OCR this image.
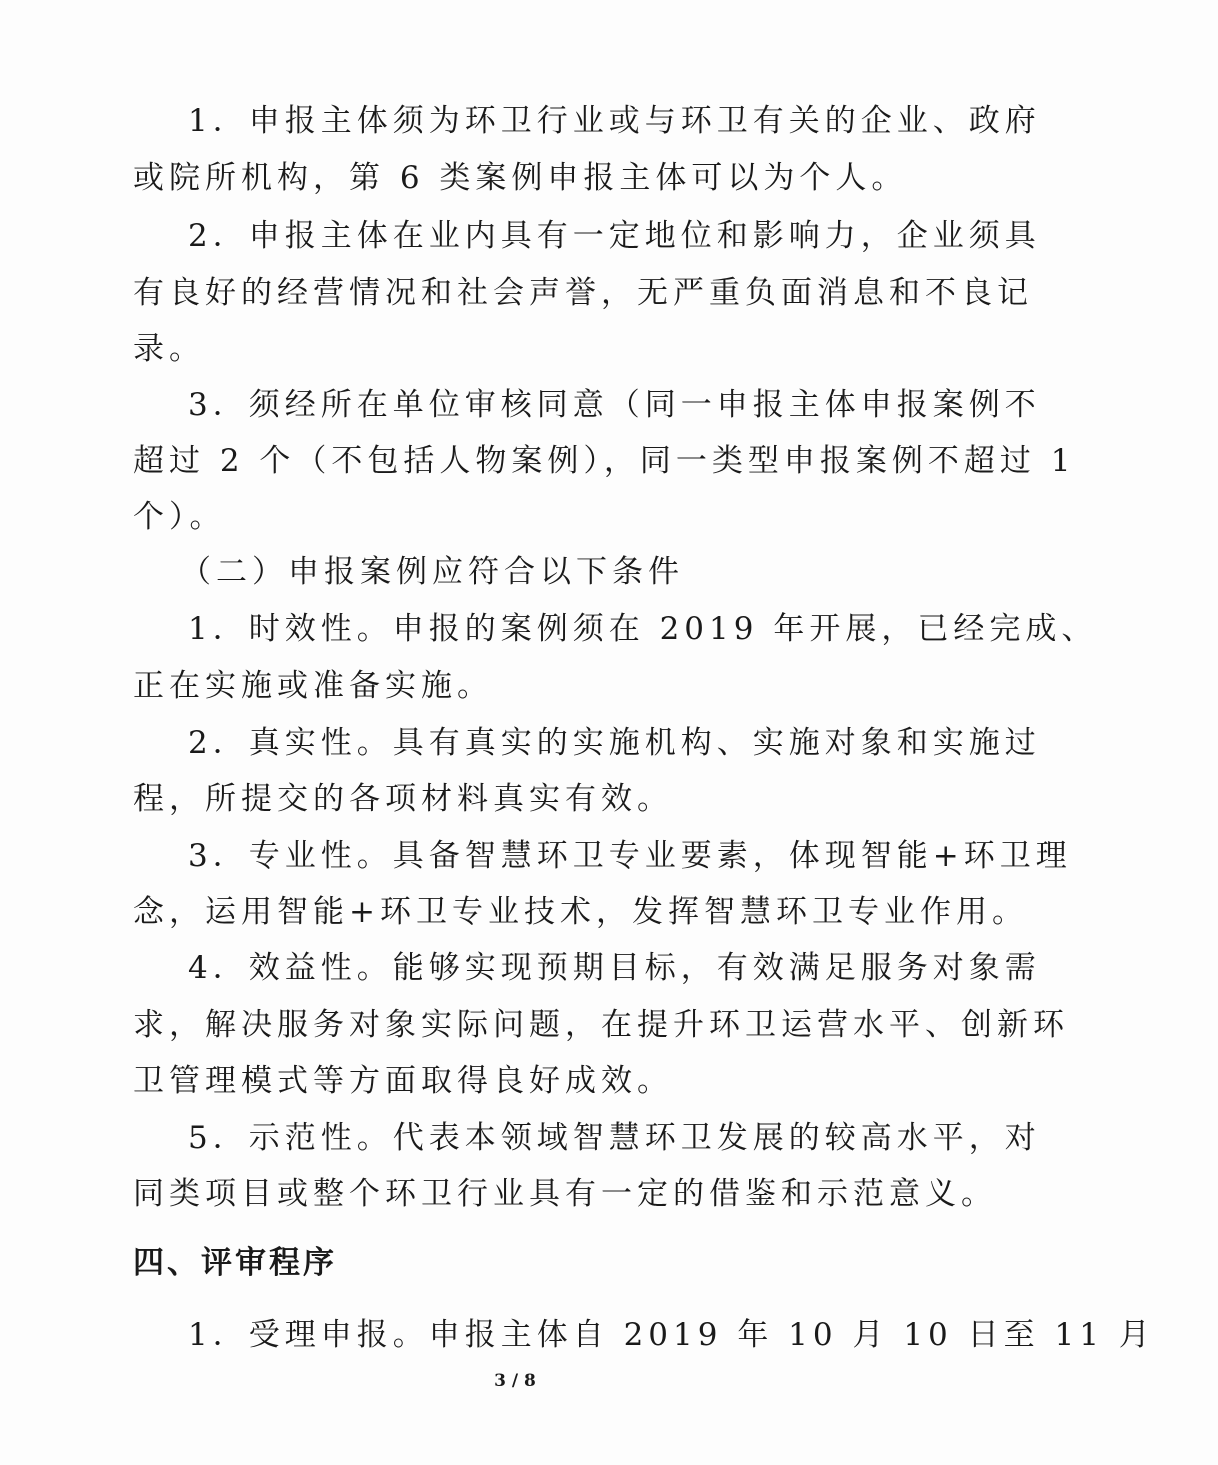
1．申报主体须为环卫行业或与环卫有关的企业、政府
或院所机构，第 6 类案例申报主体可以为个人。
2．申报主体在业内具有一定地位和影响力，企业须具
有良好的经营情况和社会声誉，无严重负面消息和不良记
录。
3．须经所在单位审核同意（同一申报主体申报案例不
超过 2 个（不包括人物案例），同一类型申报案例不超过 1
个）。
（二）申报案例应符合以下条件
1．时效性。申报的案例须在 2019 年开展，已经完成、
正在实施或准备实施。
2．真实性。具有真实的实施机构、实施对象和实施过
程，所提交的各项材料真实有效。
3．专业性。具备智慧环卫专业要素，体现智能+环卫理
念，运用智能+环卫专业技术，发挥智慧环卫专业作用。
4．效益性。能够实现预期目标，有效满足服务对象需
求，解决服务对象实际问题，在提升环卫运营水平、创新环
卫管理模式等方面取得良好成效。
5．示范性。代表本领域智慧环卫发展的较高水平，对
同类项目或整个环卫行业具有一定的借鉴和示范意义。
四、评审程序
1．受理申报。申报主体自 2019 年 10 月 10 日至 11 月
3 / 8
